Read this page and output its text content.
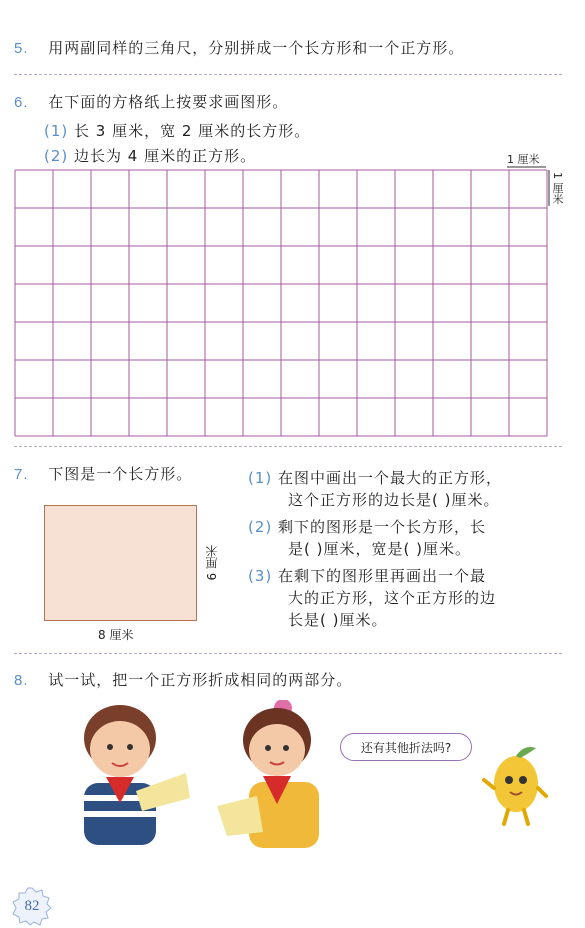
5. 用两副同样的三角尺，分别拼成一个长方形和一个正方形。
6. 在下面的方格纸上按要求画图形。
(1) 长 3 厘米，宽 2 厘米的长方形。
(2) 边长为 4 厘米的正方形。	1 厘米
1 厘米
7. 下图是一个长方形。
8 厘米
6 厘米
(1) 在图中画出一个最大的正方形，
这个正方形的边长是( )厘米。
(2) 剩下的图形是一个长方形，长
是( )厘米，宽是( )厘米。
(3) 在剩下的图形里再画出一个最
大的正方形，这个正方形的边
长是( )厘米。
8. 试一试，把一个正方形折成相同的两部分。
还有其他折法吗?
82
